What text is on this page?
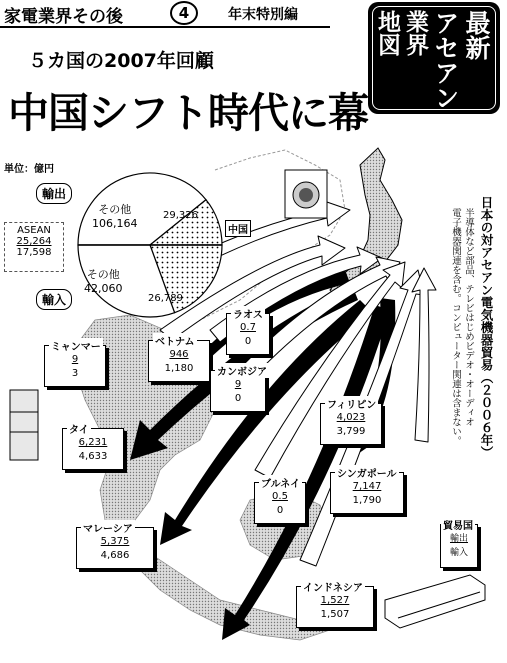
家電業界その後	4	年末特別編	最新
アセアン
業界
地図
５カ国の2007年回顧
中国シフト時代に幕
単位：億円
輸出
輸入
ASEAN
25,264
17,598
その他
106,164
29,326
その他
42,060
26,789
中国
ミャンマー
9
3
ベトナム
946
1,180
ラオス
0.7
0
カンボジア
9
0
タイ
6,231
4,633
フィリピン
4,023
3,799
ブルネイ
0.5
0
シンガポール
7,147
1,790
マレーシア
5,375
4,686
インドネシア
1,527
1,507
貿易国
輸出
輸入
日本の対アセアン電気機器貿易（２００６年）
半導体など部品、テレビはじめビデオ・オーディオ
電子機器関連を含む。コンピューター関連は含まない。
